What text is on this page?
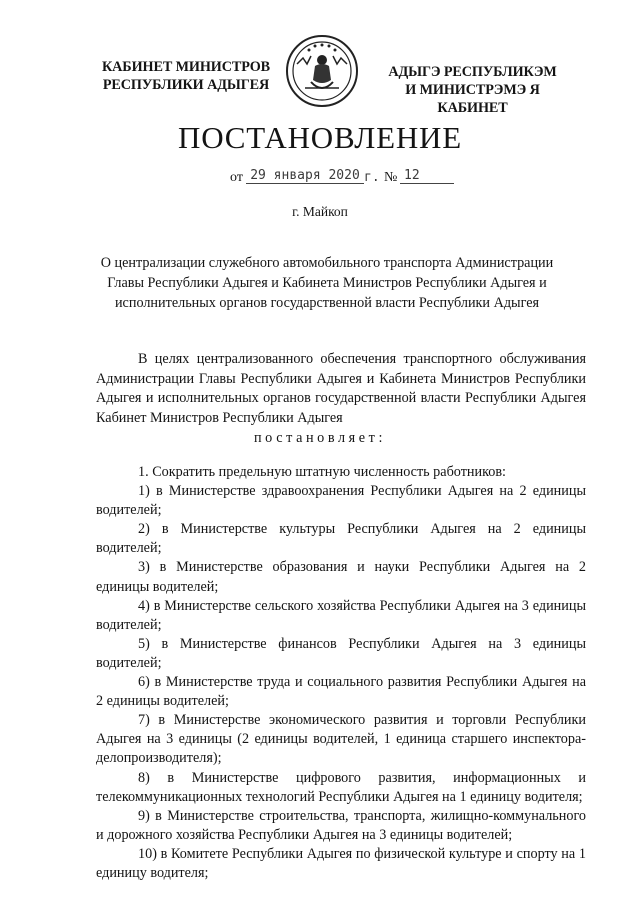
КАБИНЕТ МИНИСТРОВ
РЕСПУБЛИКИ АДЫГЕЯ
АДЫГЭ РЕСПУБЛИКЭМ
И МИНИСТРЭМЭ Я КАБИНЕТ
ПОСТАНОВЛЕНИЕ
от 29 января 2020 г. № 12
г. Майкоп
О централизации служебного автомобильного транспорта Администрации Главы Республики Адыгея и Кабинета Министров Республики Адыгея и исполнительных органов государственной власти Республики Адыгея

В целях централизованного обеспечения транспортного обслуживания Администрации Главы Республики Адыгея и Кабинета Министров Республики Адыгея и исполнительных органов государственной власти Республики Адыгея Кабинет Министров Республики Адыгея

постановляет:

1. Сократить предельную штатную численность работников:

1) в Министерстве здравоохранения Республики Адыгея на 2 единицы водителей;

2) в Министерстве культуры Республики Адыгея на 2 единицы водителей;

3) в Министерстве образования и науки Республики Адыгея на 2 единицы водителей;

4) в Министерстве сельского хозяйства Республики Адыгея на 3 единицы водителей;

5) в Министерстве финансов Республики Адыгея на 3 единицы водителей;

6) в Министерстве труда и социального развития Республики Адыгея на 2 единицы водителей;

7) в Министерстве экономического развития и торговли Республики Адыгея на 3 единицы (2 единицы водителей, 1 единица старшего инспектора-делопроизводителя);

8) в Министерстве цифрового развития, информационных и телекоммуникационных технологий Республики Адыгея на 1 единицу водителя;

9) в Министерстве строительства, транспорта, жилищно-коммунального и дорожного хозяйства Республики Адыгея на 3 единицы водителей;

10) в Комитете Республики Адыгея по физической культуре и спорту на 1 единицу водителя;
